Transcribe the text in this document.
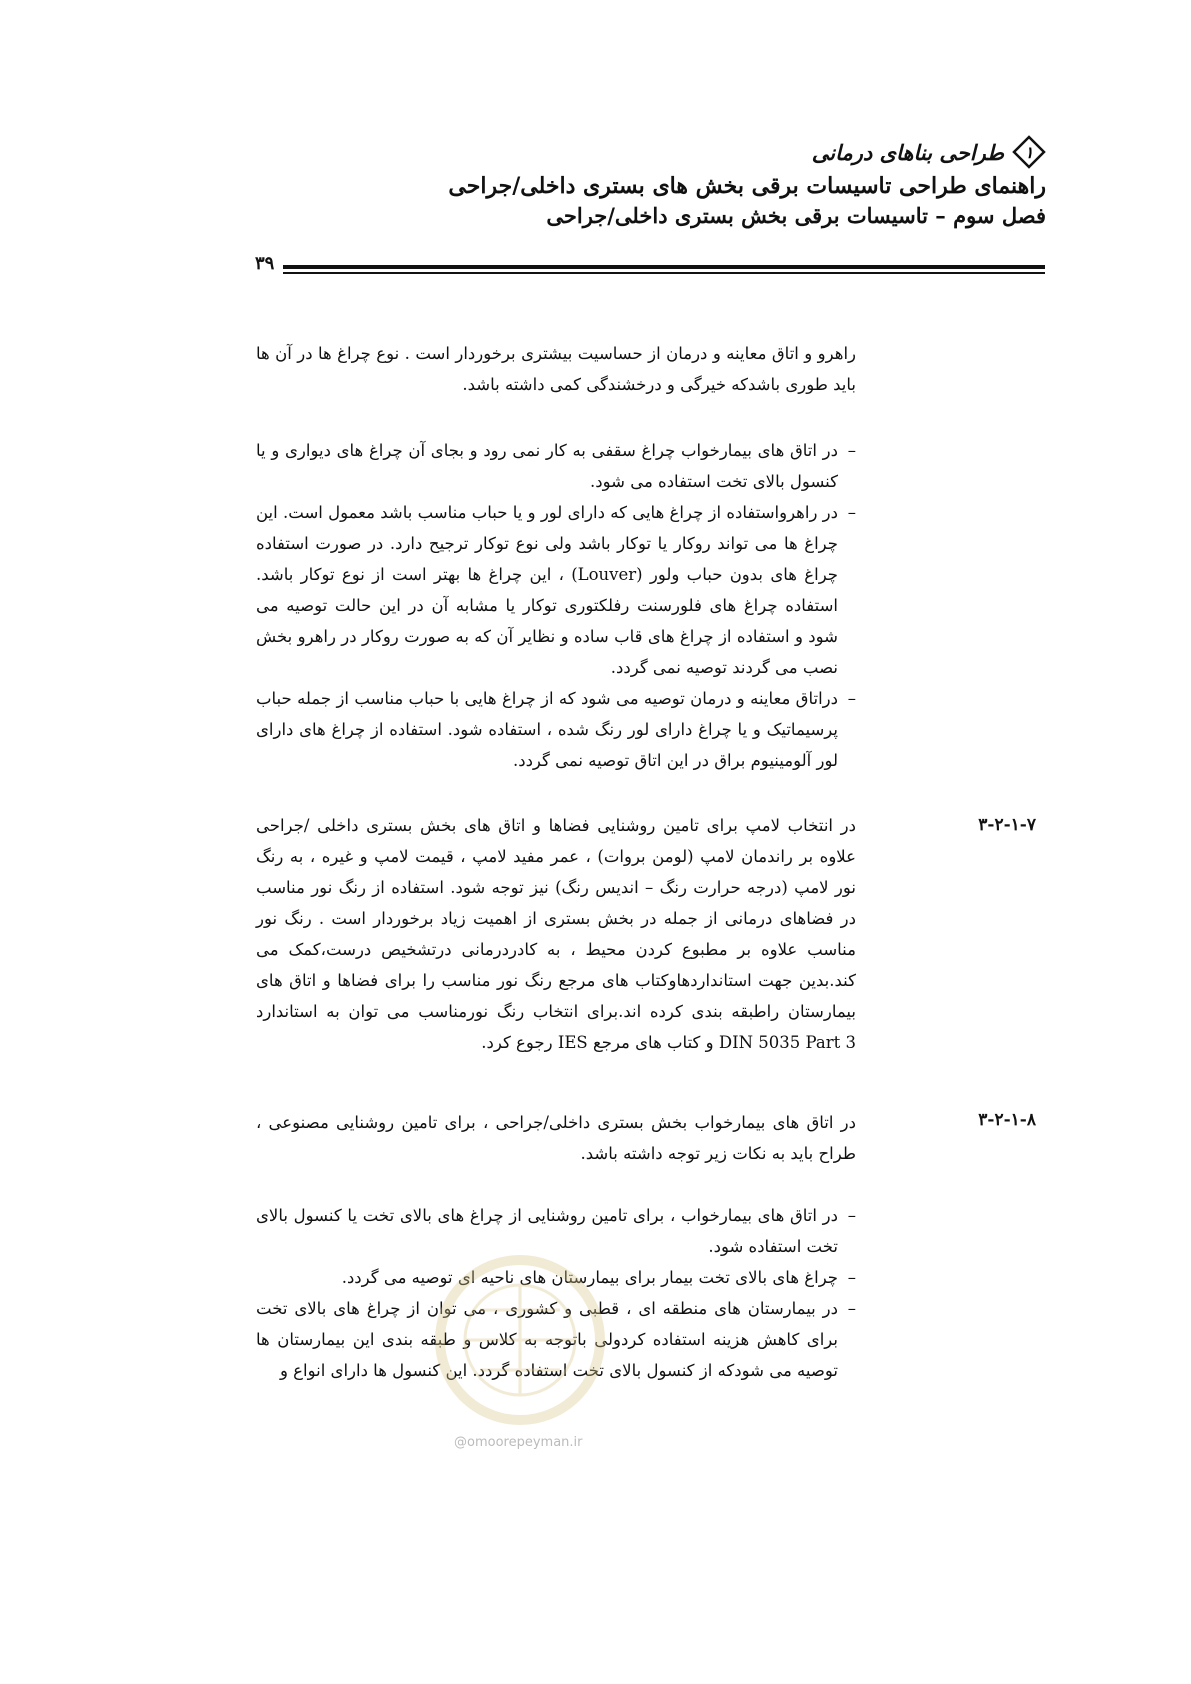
۱
طراحی بناهای درمانی
راهنمای طراحی تاسیسات برقی بخش های بستری داخلی/جراحی
فصل سوم – تاسیسات برقی بخش بستری داخلی/جراحی
۳۹
راهرو و اتاق معاینه و درمان از حساسیت بیشتری برخوردار است . نوع چراغ ها در آن ها باید طوری باشدکه خیرگی و درخشندگی کمی داشته باشد.

– در اتاق های بیمارخواب چراغ سقفی به کار نمی رود و بجای آن چراغ های دیواری و یا کنسول بالای تخت استفاده می شود.

– در راهرواستفاده از چراغ هایی که دارای لور و یا حباب مناسب باشد معمول است. این چراغ ها می تواند روکار یا توکار باشد ولی نوع توکار ترجیح دارد. در صورت استفاده چراغ های بدون حباب ولور (Louver) ، این چراغ ها بهتر است از نوع توکار باشد. استفاده چراغ های فلورسنت رفلکتوری توکار یا مشابه آن در این حالت توصیه می شود و استفاده از چراغ های قاب ساده و نظایر آن که به صورت روکار در راهرو بخش نصب می گردند توصیه نمی گردد.

– دراتاق معاینه و درمان توصیه می شود که از چراغ هایی با حباب مناسب از جمله حباب پرسیماتیک و یا چراغ دارای لور رنگ شده ، استفاده شود. استفاده از چراغ های دارای لور آلومینیوم براق در این اتاق توصیه نمی گردد.

۳-۲-۱-۷
در انتخاب لامپ برای تامین روشنایی فضاها و اتاق های بخش بستری داخلی /جراحی علاوه بر راندمان لامپ (لومن بروات) ، عمر مفید لامپ ، قیمت لامپ و غیره ، به رنگ نور لامپ (درجه حرارت رنگ – اندیس رنگ) نیز توجه شود. استفاده از رنگ نور مناسب در فضاهای درمانی از جمله در بخش بستری از اهمیت زیاد برخوردار است . رنگ نور مناسب علاوه بر مطبوع کردن محیط ، به کادردرمانی درتشخیص درست،کمک می کند.بدین جهت استانداردهاوکتاب های مرجع رنگ نور مناسب را برای فضاها و اتاق های بیمارستان راطبقه بندی کرده اند.برای انتخاب رنگ نورمناسب می توان به استاندارد DIN 5035 Part 3 و کتاب های مرجع IES رجوع کرد.
۳-۲-۱-۸
در اتاق های بیمارخواب بخش بستری داخلی/جراحی ، برای تامین روشنایی مصنوعی ، طراح باید به نکات زیر توجه داشته باشد.

– در اتاق های بیمارخواب ، برای تامین روشنایی از چراغ های بالای تخت یا کنسول بالای تخت استفاده شود.

– چراغ های بالای تخت بیمار برای بیمارستان های ناحیه ای توصیه می گردد.

– در بیمارستان های منطقه ای ، قطبی و کشوری ، می توان از چراغ های بالای تخت برای کاهش هزینه استفاده کردولی باتوجه به کلاس و طبقه بندی این بیمارستان ها توصیه می شودکه از کنسول بالای تخت استفاده گردد. این کنسول ها دارای انواع و

@omoorepeyman.ir
